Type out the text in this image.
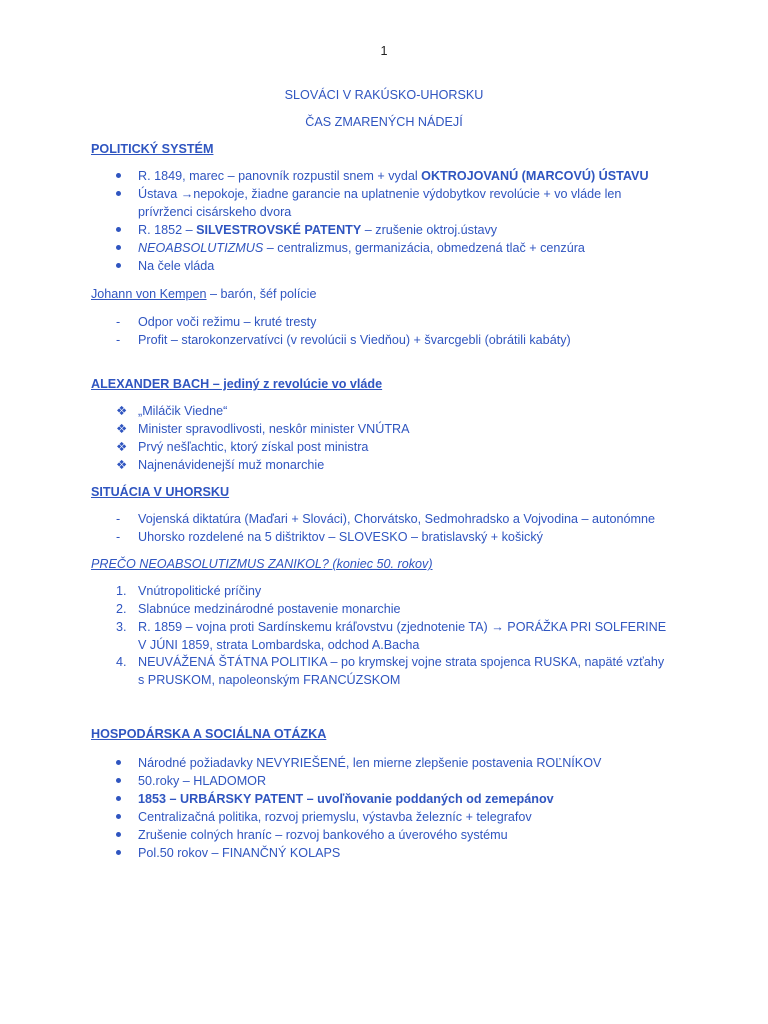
1
SLOVÁCI V RAKÚSKO-UHORSKU
ČAS ZMARENÝCH NÁDEJÍ
POLITICKÝ SYSTÉM
R. 1849, marec – panovník rozpustil snem + vydal OKTROJOVANÚ (MARCOVÚ) ÚSTAVU
Ústava →nepokoje, žiadne garancie na uplatnenie výdobytkov revolúcie + vo vláde len
prívrženci cisárskeho dvora
R. 1852 – SILVESTROVSKÉ PATENTY – zrušenie oktroj.ústavy
NEOABSOLUTIZMUS – centralizmus, germanizácia, obmedzená tlač + cenzúra
Na čele vláda
Johann von Kempen – barón, šéf polície
- Odpor voči režimu – kruté tresty
- Profit – starokonzervatívci (v revolúcii s Viedňou) + švarcgebli (obrátili kabáty)
ALEXANDER BACH – jediný z revolúcie vo vláde
❖ „Miláčik Viedne“
❖ Minister spravodlivosti, neskôr minister VNÚTRA
❖ Prvý nešľachtic, ktorý získal post ministra
❖ Najnenávidenejší muž monarchie
SITUÁCIA V UHORSKU
- Vojenská diktatúra (Maďari + Slováci), Chorvátsko, Sedmohradsko a Vojvodina – autonómne
- Uhorsko rozdelené na 5 dištriktov – SLOVESKO – bratislavský + košický
PREČO NEOABSOLUTIZMUS ZANIKOL? (koniec 50. rokov)
1. Vnútropolitické príčiny
2. Slabnúce medzinárodné postavenie monarchie
3. R. 1859 – vojna proti Sardínskemu kráľovstvu (zjednotenie TA) → PORÁŽKA PRI SOLFERINE
V JÚNI 1859, strata Lombardska, odchod A.Bacha
4. NEUVÁŽENÁ ŠTÁTNA POLITIKA – po krymskej vojne strata spojenca RUSKA, napäté vzťahy
s PRUSKOM, napoleonským FRANCÚZSKOM
HOSPODÁRSKA A SOCIÁLNA OTÁZKA
Národné požiadavky NEVYRIEŠENÉ, len mierne zlepšenie postavenia ROĽNÍKOV
50.roky – HLADOMOR
1853 – URBÁRSKY PATENT – uvoľňovanie poddaných od zemepánov
Centralizačná politika, rozvoj priemyslu, výstavba železníc + telegrafov
Zrušenie colných hraníc – rozvoj bankového a úverového systému
Pol.50 rokov – FINANČNÝ KOLAPS
